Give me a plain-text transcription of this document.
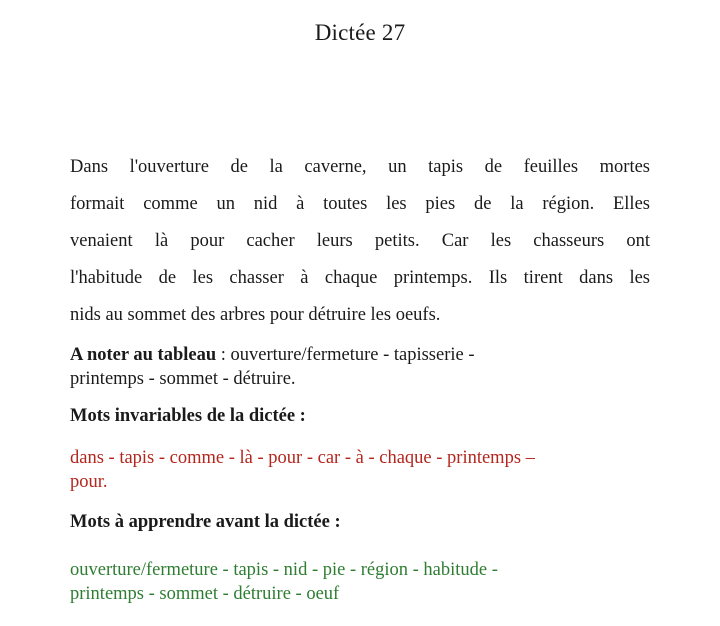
Dictée 27
Dans l'ouverture de la caverne, un tapis de feuilles mortes
formait comme un nid à toutes les pies de la région. Elles
venaient là pour cacher leurs petits. Car les chasseurs ont
l'habitude de les chasser à chaque printemps. Ils tirent dans les
nids au sommet des arbres pour détruire les oeufs.
A noter au tableau : ouverture/fermeture - tapisserie -
printemps - sommet - détruire.
Mots invariables de la dictée :
dans - tapis - comme - là - pour - car - à - chaque - printemps –
pour.
Mots à apprendre avant la dictée :
ouverture/fermeture - tapis - nid - pie - région - habitude -
printemps - sommet - détruire - oeuf
